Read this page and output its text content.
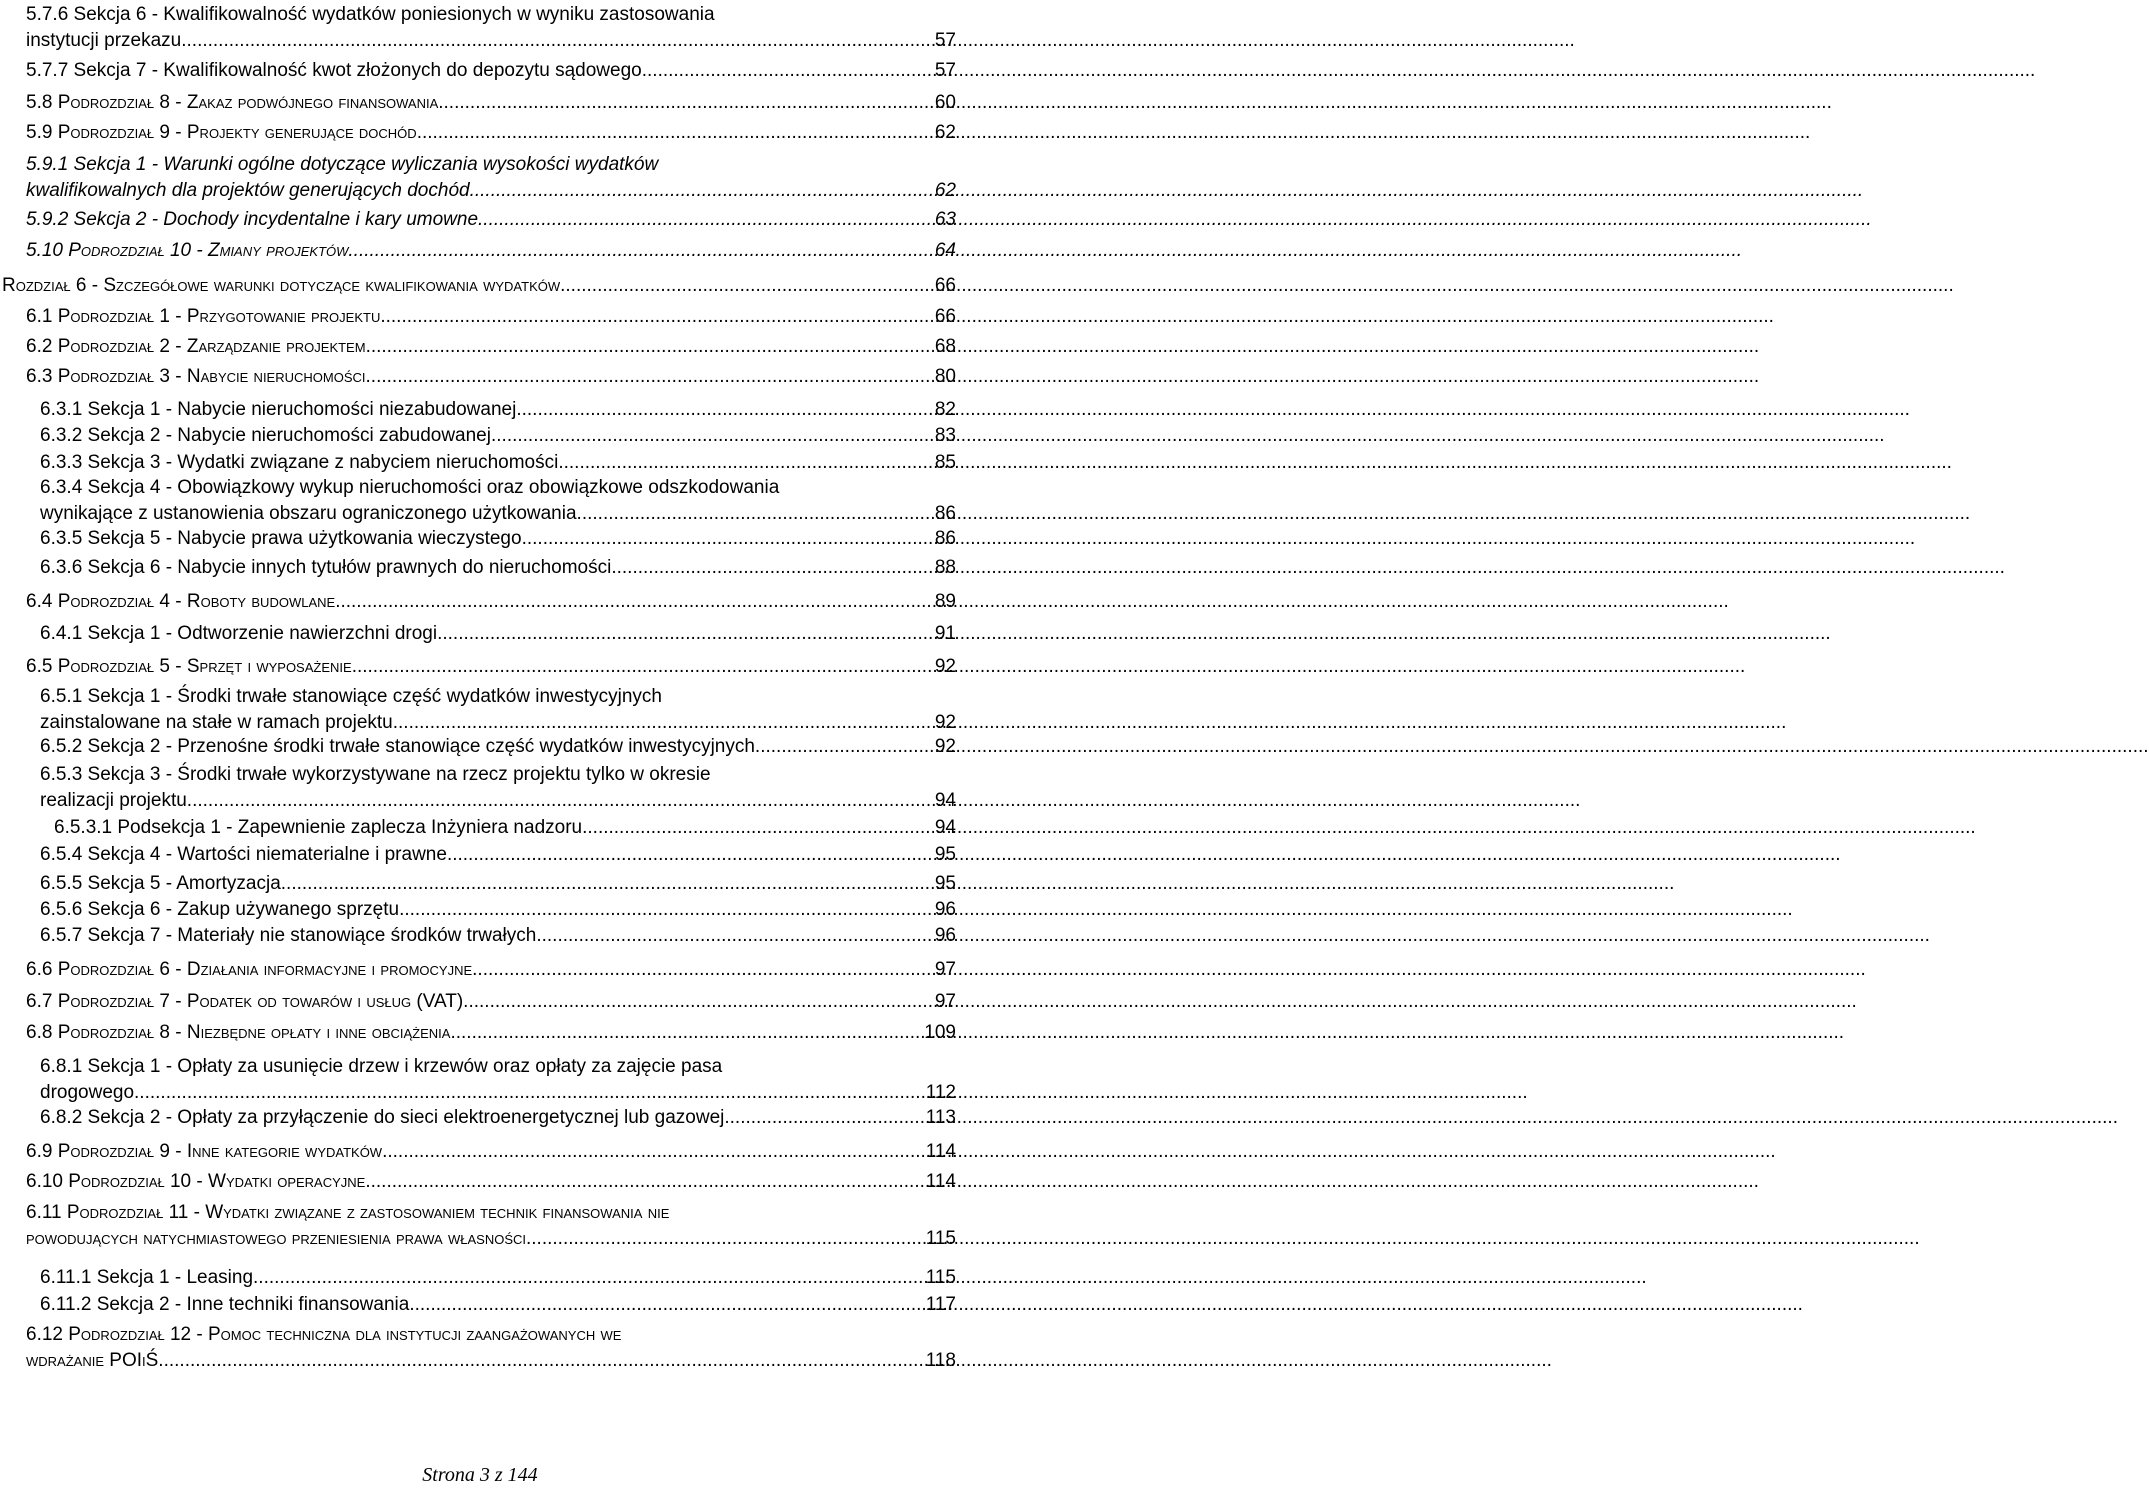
5.7.6 Sekcja 6 - Kwalifikowalność wydatków poniesionych w wyniku zastosowania
instytucji przekazu .....	57
5.7.7 Sekcja 7 - Kwalifikowalność kwot złożonych do depozytu sądowego .....	57
5.8 Podrozdział 8 - Zakaz podwójnego finansowania .....	60
5.9 Podrozdział 9 - Projekty generujące dochód .....	62
5.9.1 Sekcja 1 - Warunki ogólne dotyczące wyliczania wysokości wydatków
kwalifikowalnych dla projektów generujących dochód .....	62
5.9.2 Sekcja 2 - Dochody incydentalne i kary umowne .....	63
5.10 Podrozdział 10 - Zmiany projektów .....	64
Rozdział 6 - Szczegółowe warunki dotyczące kwalifikowania wydatków .....	66
6.1 Podrozdział 1 - Przygotowanie projektu .....	66
6.2 Podrozdział 2 - Zarządzanie projektem .....	68
6.3 Podrozdział 3 - Nabycie nieruchomości .....	80
6.3.1 Sekcja 1 - Nabycie nieruchomości niezabudowanej .....	82
6.3.2 Sekcja 2 - Nabycie nieruchomości zabudowanej .....	83
6.3.3 Sekcja 3 - Wydatki związane z nabyciem nieruchomości .....	85
6.3.4 Sekcja 4 - Obowiązkowy wykup nieruchomości oraz obowiązkowe odszkodowania
wynikające z ustanowienia obszaru ograniczonego użytkowania .....	86
6.3.5 Sekcja 5 - Nabycie prawa użytkowania wieczystego .....	86
6.3.6 Sekcja 6 - Nabycie innych tytułów prawnych do nieruchomości .....	88
6.4 Podrozdział 4 - Roboty budowlane .....	89
6.4.1 Sekcja 1 - Odtworzenie nawierzchni drogi .....	91
6.5 Podrozdział 5 - Sprzęt i wyposażenie .....	92
6.5.1 Sekcja 1 - Środki trwałe stanowiące część wydatków inwestycyjnych
zainstalowane na stałe w ramach projektu .....	92
6.5.2 Sekcja 2 - Przenośne środki trwałe stanowiące część wydatków inwestycyjnych .....	92
6.5.3 Sekcja 3 - Środki trwałe wykorzystywane na rzecz projektu tylko w okresie
realizacji projektu .....	94
6.5.3.1 Podsekcja 1 - Zapewnienie zaplecza Inżyniera nadzoru .....	94
6.5.4 Sekcja 4 - Wartości niematerialne i prawne .....	95
6.5.5 Sekcja 5 - Amortyzacja .....	95
6.5.6 Sekcja 6 - Zakup używanego sprzętu .....	96
6.5.7 Sekcja 7 - Materiały nie stanowiące środków trwałych .....	96
6.6 Podrozdział 6 - Działania informacyjne i promocyjne .....	97
6.7 Podrozdział 7 - Podatek od towarów i usług (VAT) .....	97
6.8 Podrozdział 8 - Niezbędne opłaty i inne obciążenia .....	109
6.8.1 Sekcja 1 - Opłaty za usunięcie drzew i krzewów oraz opłaty za zajęcie pasa
drogowego .....	112
6.8.2 Sekcja 2 - Opłaty za przyłączenie do sieci elektroenergetycznej lub gazowej .....	113
6.9 Podrozdział 9 - Inne kategorie wydatków .....	114
6.10 Podrozdział 10 - Wydatki operacyjne .....	114
6.11 Podrozdział 11 - Wydatki związane z zastosowaniem technik finansowania nie
powodujących natychmiastowego przeniesienia prawa własności .....	115
6.11.1 Sekcja 1 - Leasing .....	115
6.11.2 Sekcja 2 - Inne techniki finansowania .....	117
6.12 Podrozdział 12 - Pomoc techniczna dla instytucji zaangażowanych we
wdrażanie POIiŚ .....	118
Strona 3 z 144
